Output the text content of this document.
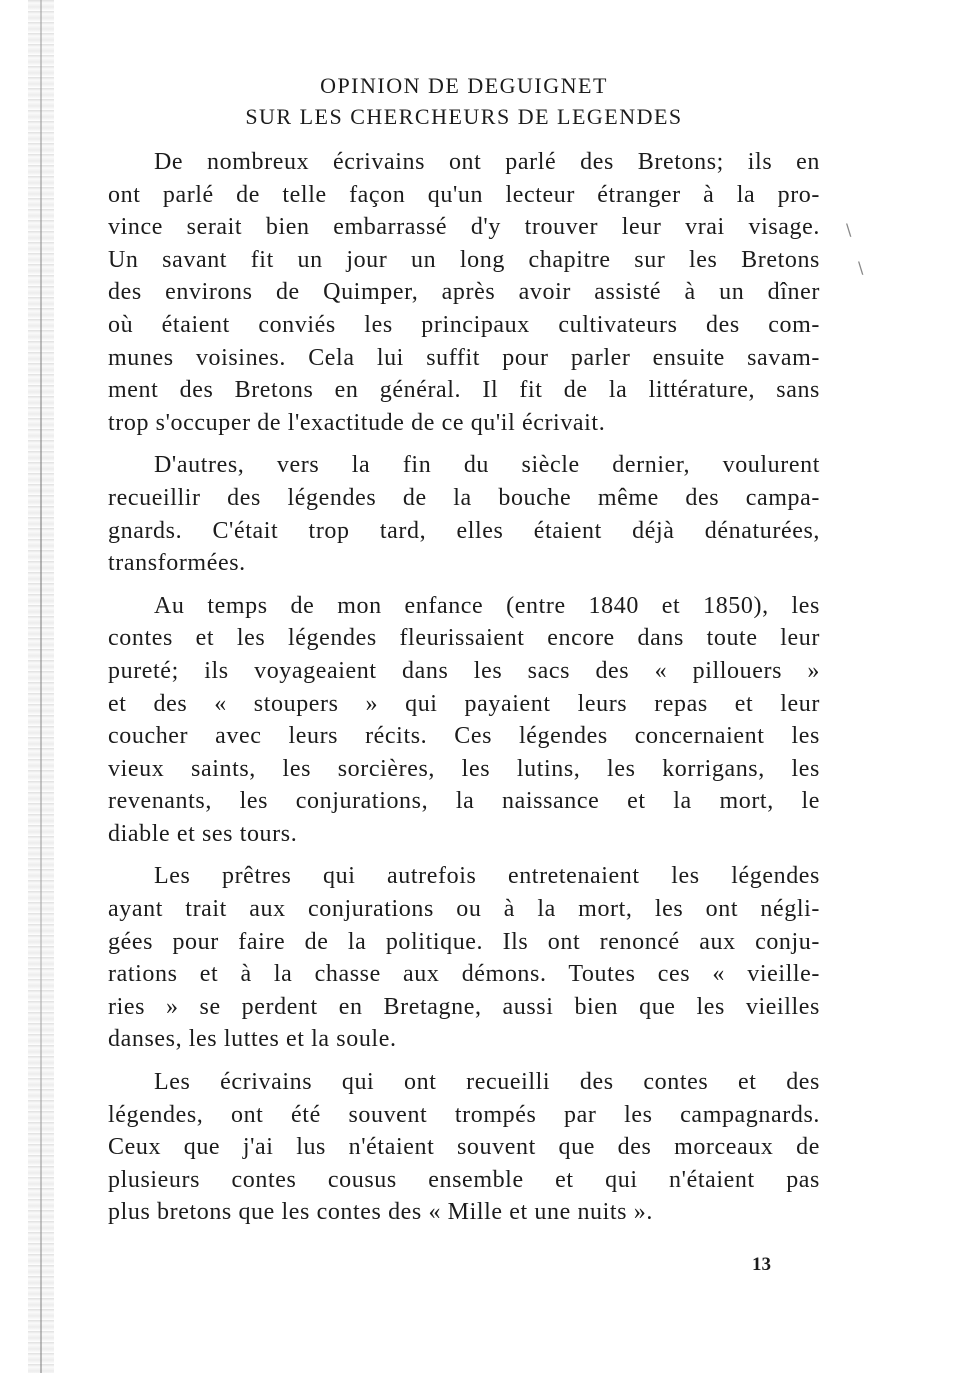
OPINION DE DEGUIGNET
SUR LES CHERCHEURS DE LEGENDES
De nombreux écrivains ont parlé des Bretons; ils en
ont parlé de telle façon qu'un lecteur étranger à la pro-
vince serait bien embarrassé d'y trouver leur vrai visage.
Un savant fit un jour un long chapitre sur les Bretons
des environs de Quimper, après avoir assisté à un dîner
où étaient conviés les principaux cultivateurs des com-
munes voisines. Cela lui suffit pour parler ensuite savam-
ment des Bretons en général. Il fit de la littérature, sans
trop s'occuper de l'exactitude de ce qu'il écrivait.
D'autres, vers la fin du siècle dernier, voulurent
recueillir des légendes de la bouche même des campa-
gnards. C'était trop tard, elles étaient déjà dénaturées,
transformées.
Au temps de mon enfance (entre 1840 et 1850), les
contes et les légendes fleurissaient encore dans toute leur
pureté; ils voyageaient dans les sacs des « pillouers »
et des « stoupers » qui payaient leurs repas et leur
coucher avec leurs récits. Ces légendes concernaient les
vieux saints, les sorcières, les lutins, les korrigans, les
revenants, les conjurations, la naissance et la mort, le
diable et ses tours.
Les prêtres qui autrefois entretenaient les légendes
ayant trait aux conjurations ou à la mort, les ont négli-
gées pour faire de la politique. Ils ont renoncé aux conju-
rations et à la chasse aux démons. Toutes ces « vieille-
ries » se perdent en Bretagne, aussi bien que les vieilles
danses, les luttes et la soule.
Les écrivains qui ont recueilli des contes et des
légendes, ont été souvent trompés par les campagnards.
Ceux que j'ai lus n'étaient souvent que des morceaux de
plusieurs contes cousus ensemble et qui n'étaient pas
plus bretons que les contes des « Mille et une nuits ».
13
\
\
